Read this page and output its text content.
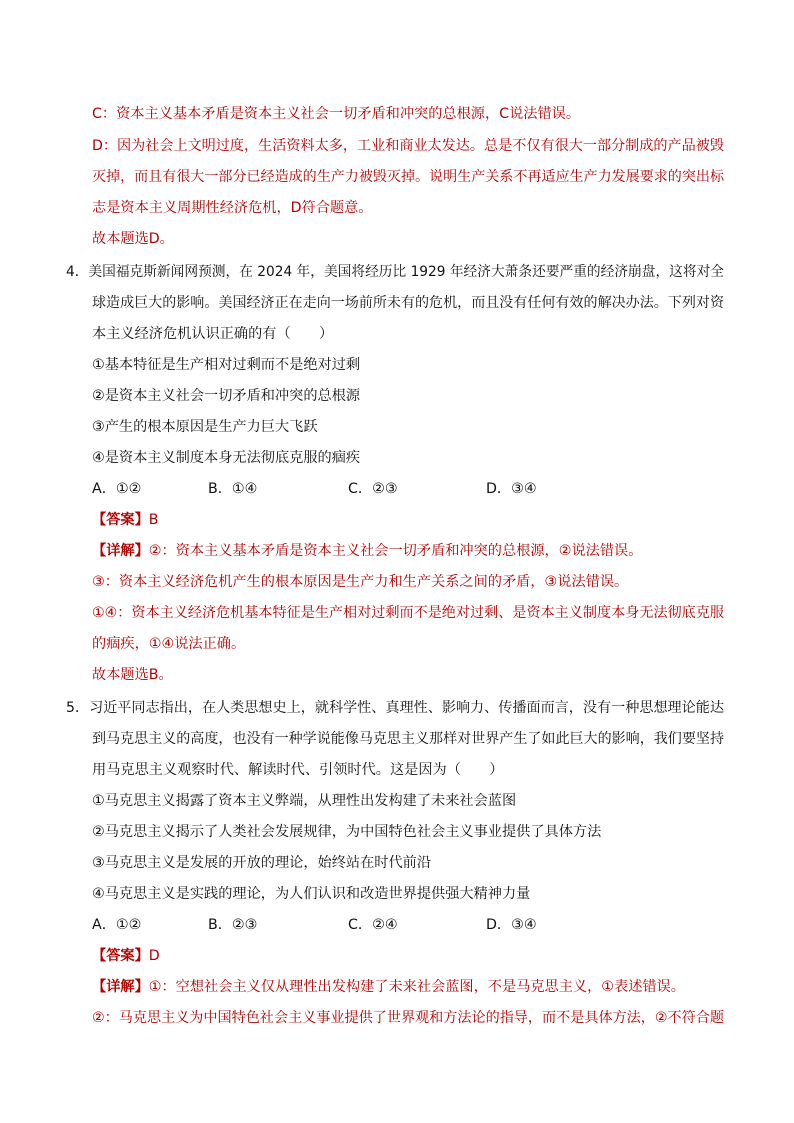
C：资本主义基本矛盾是资本主义社会一切矛盾和冲突的总根源，C说法错误。
D：因为社会上文明过度，生活资料太多，工业和商业太发达。总是不仅有很大一部分制成的产品被毁
灭掉，而且有很大一部分已经造成的生产力被毁灭掉。说明生产关系不再适应生产力发展要求的突出标
志是资本主义周期性经济危机，D符合题意。
故本题选D。
4．美国福克斯新闻网预测，在 2024 年，美国将经历比 1929 年经济大萧条还要严重的经济崩盘，这将对全
球造成巨大的影响。美国经济正在走向一场前所未有的危机，而且没有任何有效的解决办法。下列对资
本主义经济危机认识正确的有（　　）
①基本特征是生产相对过剩而不是绝对过剩
②是资本主义社会一切矛盾和冲突的总根源
③产生的根本原因是生产力巨大飞跃
④是资本主义制度本身无法彻底克服的痼疾
A．①②	B．①④	C．②③	D．③④
【答案】B
【详解】②：资本主义基本矛盾是资本主义社会一切矛盾和冲突的总根源，②说法错误。
③：资本主义经济危机产生的根本原因是生产力和生产关系之间的矛盾，③说法错误。
①④：资本主义经济危机基本特征是生产相对过剩而不是绝对过剩、是资本主义制度本身无法彻底克服
的痼疾，①④说法正确。
故本题选B。
5．习近平同志指出，在人类思想史上，就科学性、真理性、影响力、传播面而言，没有一种思想理论能达
到马克思主义的高度，也没有一种学说能像马克思主义那样对世界产生了如此巨大的影响，我们要坚持
用马克思主义观察时代、解读时代、引领时代。这是因为（　　）
①马克思主义揭露了资本主义弊端，从理性出发构建了未来社会蓝图
②马克思主义揭示了人类社会发展规律，为中国特色社会主义事业提供了具体方法
③马克思主义是发展的开放的理论，始终站在时代前沿
④马克思主义是实践的理论，为人们认识和改造世界提供强大精神力量
A．①②	B．②③	C．②④	D．③④
【答案】D
【详解】①：空想社会主义仅从理性出发构建了未来社会蓝图，不是马克思主义，①表述错误。
②：马克思主义为中国特色社会主义事业提供了世界观和方法论的指导，而不是具体方法，②不符合题
